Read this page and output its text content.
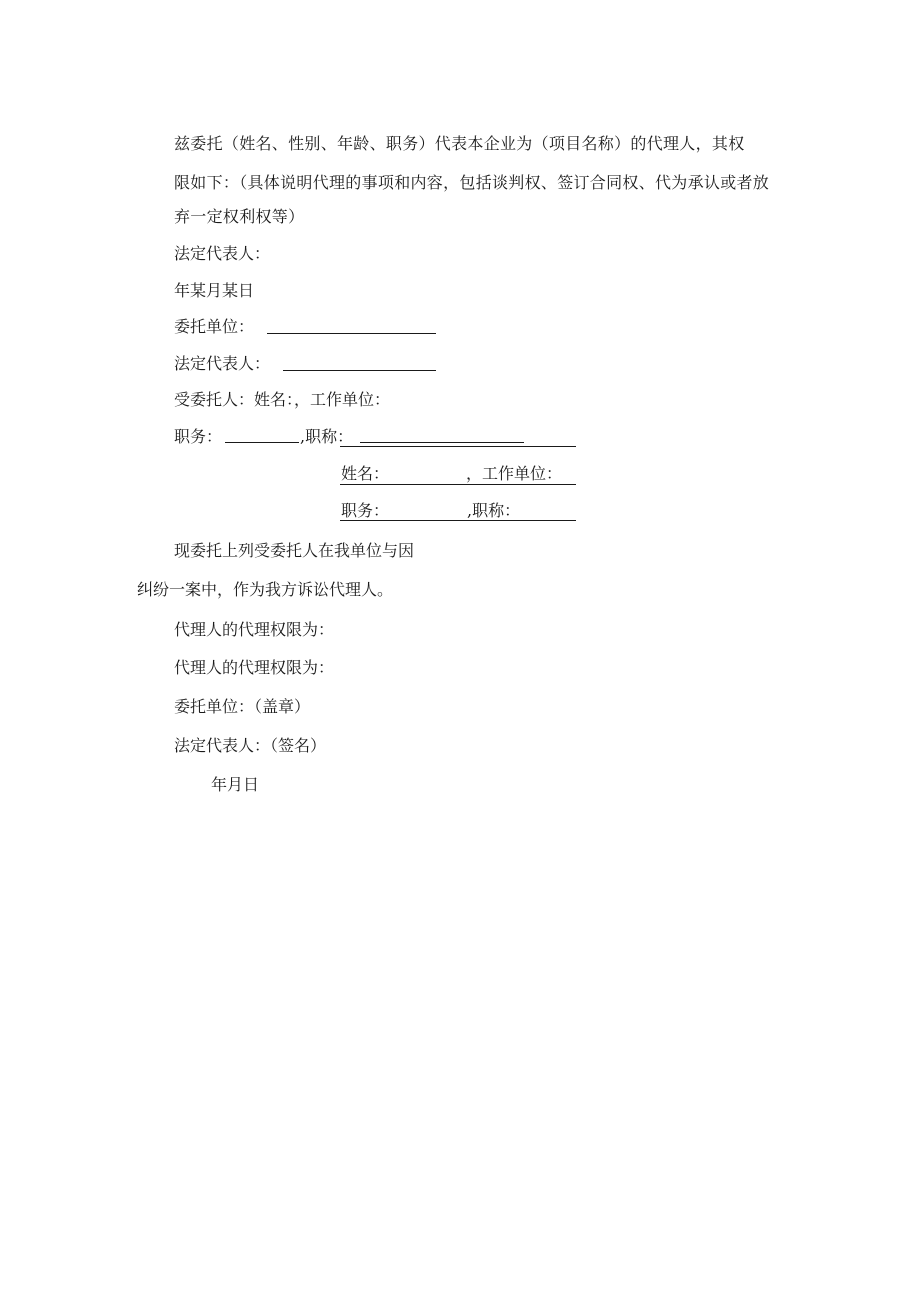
兹委托（姓名、性别、年龄、职务）代表本企业为（项目名称）的代理人，其权
限如下：（具体说明代理的事项和内容，包括谈判权、签订合同权、代为承认或者放
弃一定权利权等）
法定代表人：
年某月某日
委托单位：
法定代表人：
受委托人：姓名：，工作单位：
职务：	,职称：
姓名：	，工作单位：
职务：	,职称：
现委托上列受委托人在我单位与因
纠纷一案中，作为我方诉讼代理人。
代理人的代理权限为：
代理人的代理权限为：
委托单位：（盖章）
法定代表人：（签名）
年月日
